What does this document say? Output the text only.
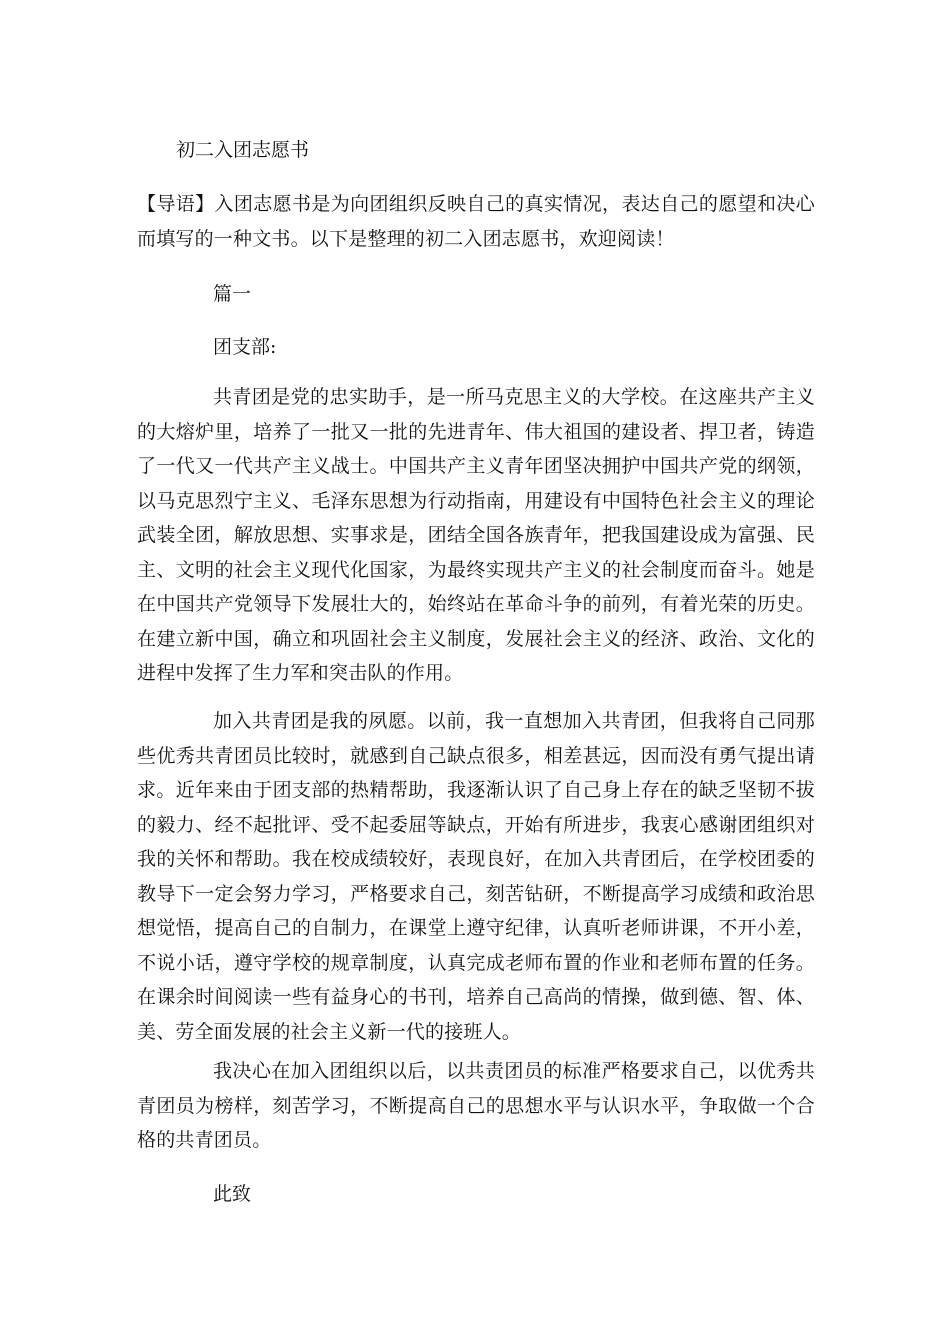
初二入团志愿书

【导语】入团志愿书是为向团组织反映自己的真实情况，表达自己的愿望和决心而填写的一种文书。以下是整理的初二入团志愿书，欢迎阅读！

篇一
团支部:

共青团是党的忠实助手，是一所马克思主义的大学校。在这座共产主义的大熔炉里，培养了一批又一批的先进青年、伟大祖国的建设者、捍卫者，铸造了一代又一代共产主义战士。中国共产主义青年团坚决拥护中国共产党的纲领，以马克思烈宁主义、毛泽东思想为行动指南，用建设有中国特色社会主义的理论武装全团，解放思想、实事求是，团结全国各族青年，把我国建设成为富强、民主、文明的社会主义现代化国家，为最终实现共产主义的社会制度而奋斗。她是在中国共产党领导下发展壮大的，始终站在革命斗争的前列，有着光荣的历史。在建立新中国，确立和巩固社会主义制度，发展社会主义的经济、政治、文化的进程中发挥了生力军和突击队的作用。

加入共青团是我的夙愿。以前，我一直想加入共青团，但我将自己同那些优秀共青团员比较时，就感到自己缺点很多，相差甚远，因而没有勇气提出请求。近年来由于团支部的热精帮助，我逐渐认识了自己身上存在的缺乏坚韧不拔的毅力、经不起批评、受不起委屈等缺点，开始有所进步，我衷心感谢团组织对我的关怀和帮助。我在校成绩较好，表现良好，在加入共青团后，在学校团委的教导下一定会努力学习，严格要求自己，刻苦钻研，不断提高学习成绩和政治思想觉悟，提高自己的自制力，在课堂上遵守纪律，认真听老师讲课，不开小差，不说小话，遵守学校的规章制度，认真完成老师布置的作业和老师布置的任务。在课余时间阅读一些有益身心的书刊，培养自己高尚的情操，做到德、智、体、美、劳全面发展的社会主义新一代的接班人。

我决心在加入团组织以后，以共责团员的标准严格要求自己，以优秀共青团员为榜样，刻苦学习，不断提高自己的思想水平与认识水平，争取做一个合格的共青团员。

此致
